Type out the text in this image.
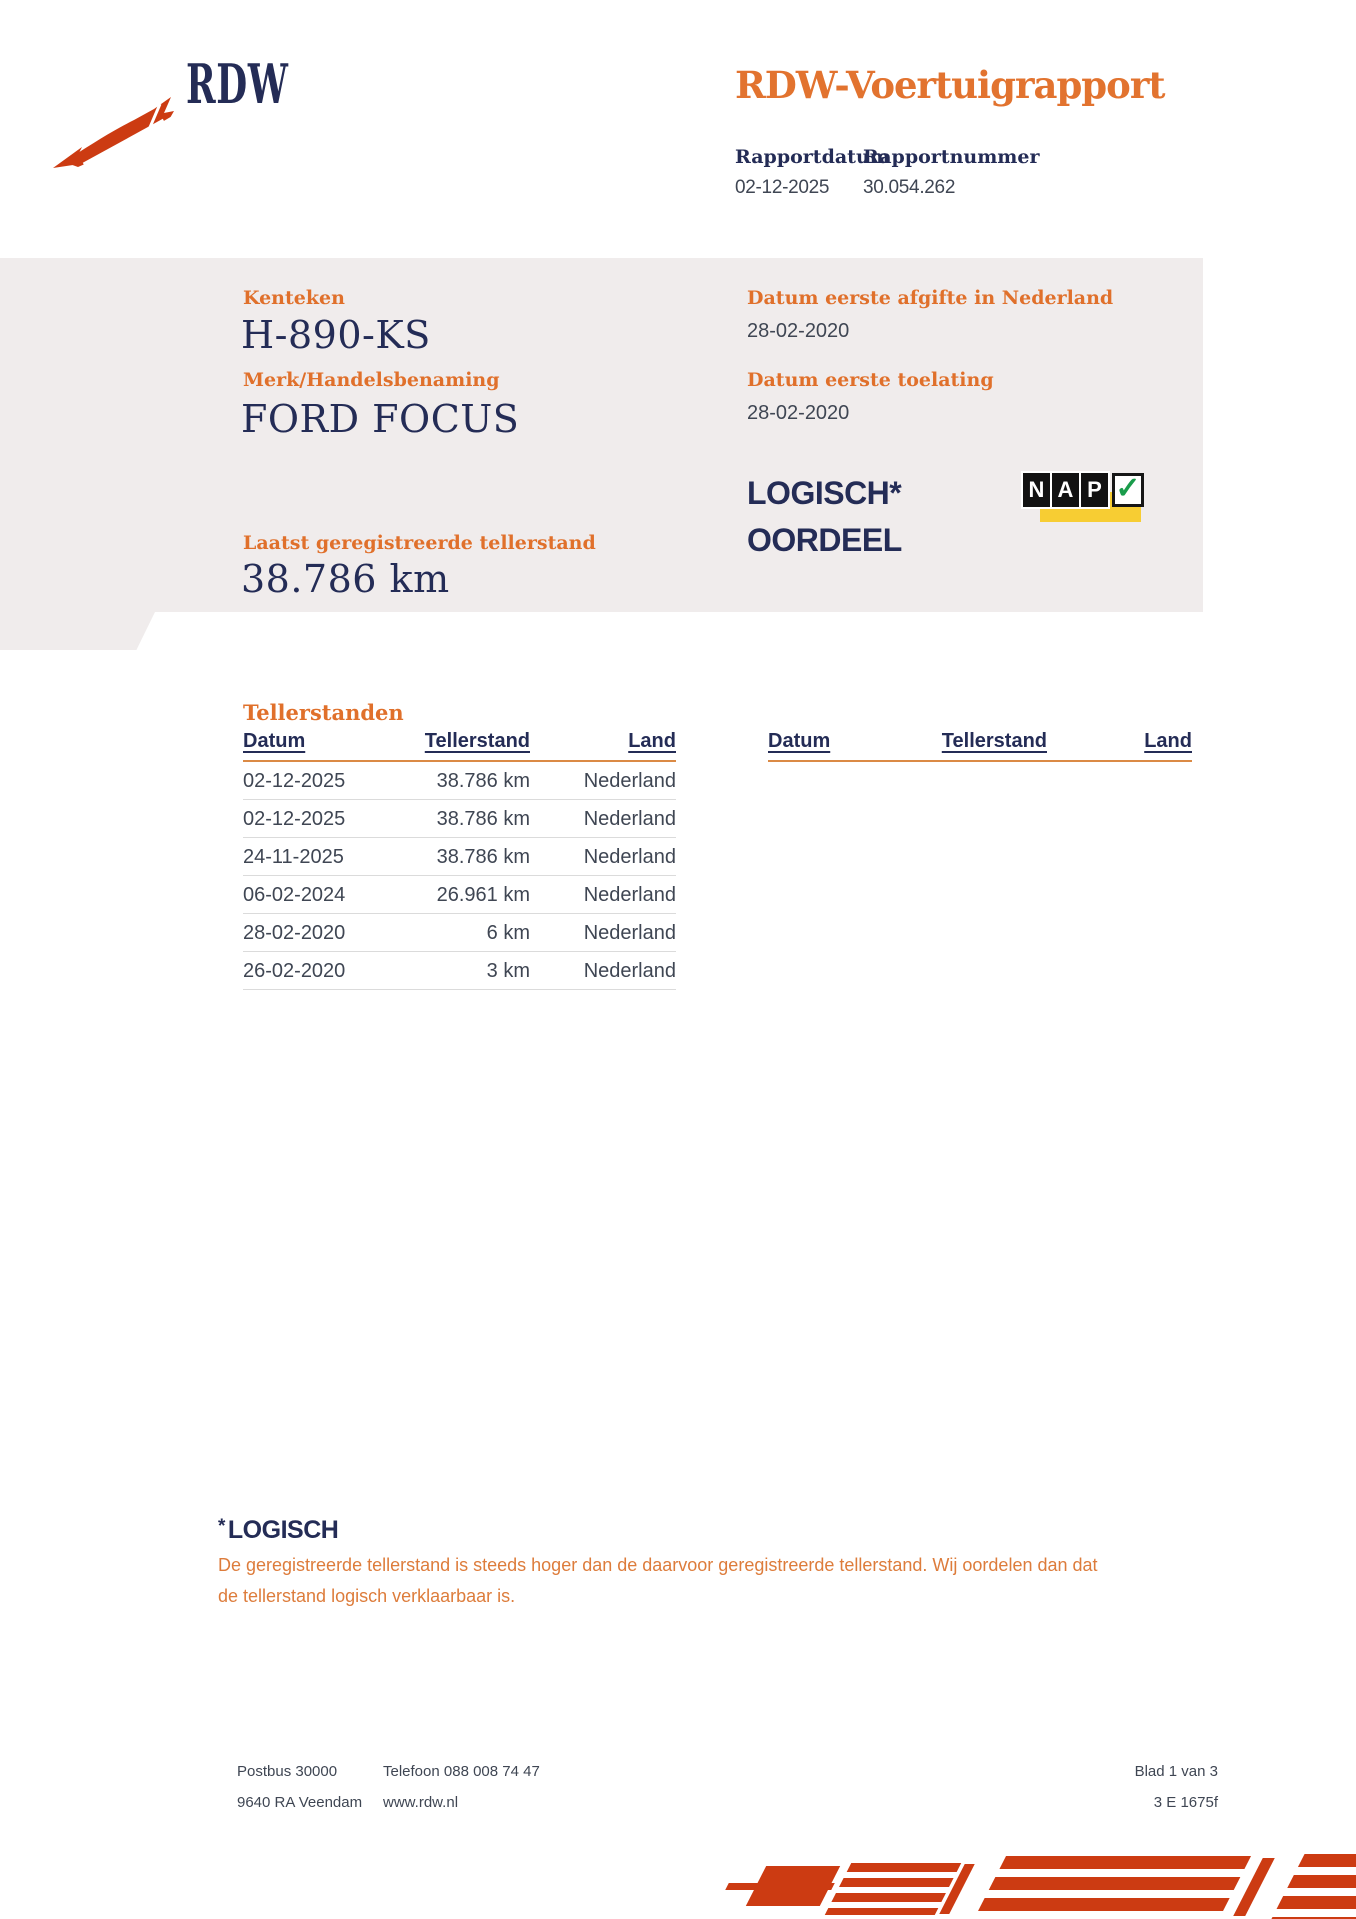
RDW	RDW-Voertuigrapport
Rapportdatum
02-12-2025
Rapportnummer
30.054.262
Kenteken
H-890-KS
Merk/Handelsbenaming
FORD FOCUS
Datum eerste afgifte in Nederland
28-02-2020
Datum eerste toelating
28-02-2020
Laatst geregistreerde tellerstand
38.786 km
LOGISCH*
OORDEEL
N A P ✓
Tellerstanden
Datum	Tellerstand	Land
02-12-2025	38.786 km	Nederland
02-12-2025	38.786 km	Nederland
24-11-2025	38.786 km	Nederland
06-02-2024	26.961 km	Nederland
28-02-2020	6 km	Nederland
26-02-2020	3 km	Nederland
Datum	Tellerstand	Land
* LOGISCH
De geregistreerde tellerstand is steeds hoger dan de daarvoor geregistreerde tellerstand. Wij oordelen dan dat de tellerstand logisch verklaarbaar is.
Postbus 30000
9640 RA Veendam
Telefoon 088 008 74 47
www.rdw.nl
Blad 1 van 3
3 E 1675f
